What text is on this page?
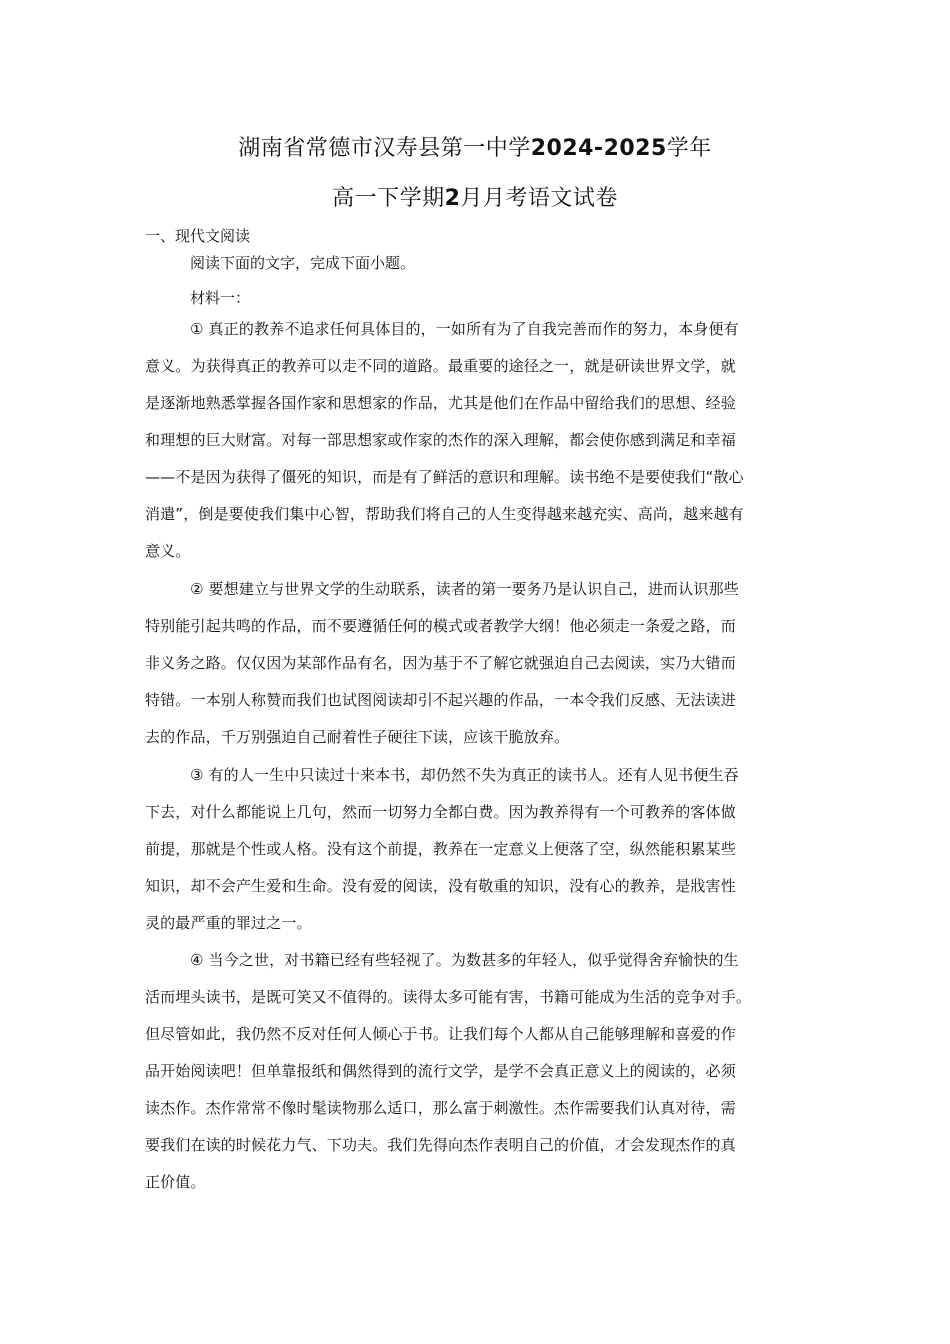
湖南省常德市汉寿县第一中学2024-2025学年
高一下学期2月月考语文试卷

一、现代文阅读

阅读下面的文字，完成下面小题。

材料一：

① 真正的教养不追求任何具体目的，一如所有为了自我完善而作的努力，本身便有
意义。为获得真正的教养可以走不同的道路。最重要的途径之一，就是研读世界文学，就
是逐渐地熟悉掌握各国作家和思想家的作品，尤其是他们在作品中留给我们的思想、经验
和理想的巨大财富。对每一部思想家或作家的杰作的深入理解，都会使你感到满足和幸福
——不是因为获得了僵死的知识，而是有了鲜活的意识和理解。读书绝不是要使我们“散心
消遣”，倒是要使我们集中心智，帮助我们将自己的人生变得越来越充实、高尚，越来越有
意义。
② 要想建立与世界文学的生动联系，读者的第一要务乃是认识自己，进而认识那些
特别能引起共鸣的作品，而不要遵循任何的模式或者教学大纲！他必须走一条爱之路，而
非义务之路。仅仅因为某部作品有名，因为基于不了解它就强迫自己去阅读，实乃大错而
特错。一本别人称赞而我们也试图阅读却引不起兴趣的作品，一本令我们反感、无法读进
去的作品，千万别强迫自己耐着性子硬往下读，应该干脆放弃。
③ 有的人一生中只读过十来本书，却仍然不失为真正的读书人。还有人见书便生吞
下去，对什么都能说上几句，然而一切努力全都白费。因为教养得有一个可教养的客体做
前提，那就是个性或人格。没有这个前提，教养在一定意义上便落了空，纵然能积累某些
知识，却不会产生爱和生命。没有爱的阅读，没有敬重的知识，没有心的教养，是戕害性
灵的最严重的罪过之一。
④ 当今之世，对书籍已经有些轻视了。为数甚多的年轻人，似乎觉得舍弃愉快的生
活而埋头读书，是既可笑又不值得的。读得太多可能有害，书籍可能成为生活的竞争对手。
但尽管如此，我仍然不反对任何人倾心于书。让我们每个人都从自己能够理解和喜爱的作
品开始阅读吧！但单靠报纸和偶然得到的流行文学，是学不会真正意义上的阅读的，必须
读杰作。杰作常常不像时髦读物那么适口，那么富于刺激性。杰作需要我们认真对待，需
要我们在读的时候花力气、下功夫。我们先得向杰作表明自己的价值，才会发现杰作的真
正价值。
